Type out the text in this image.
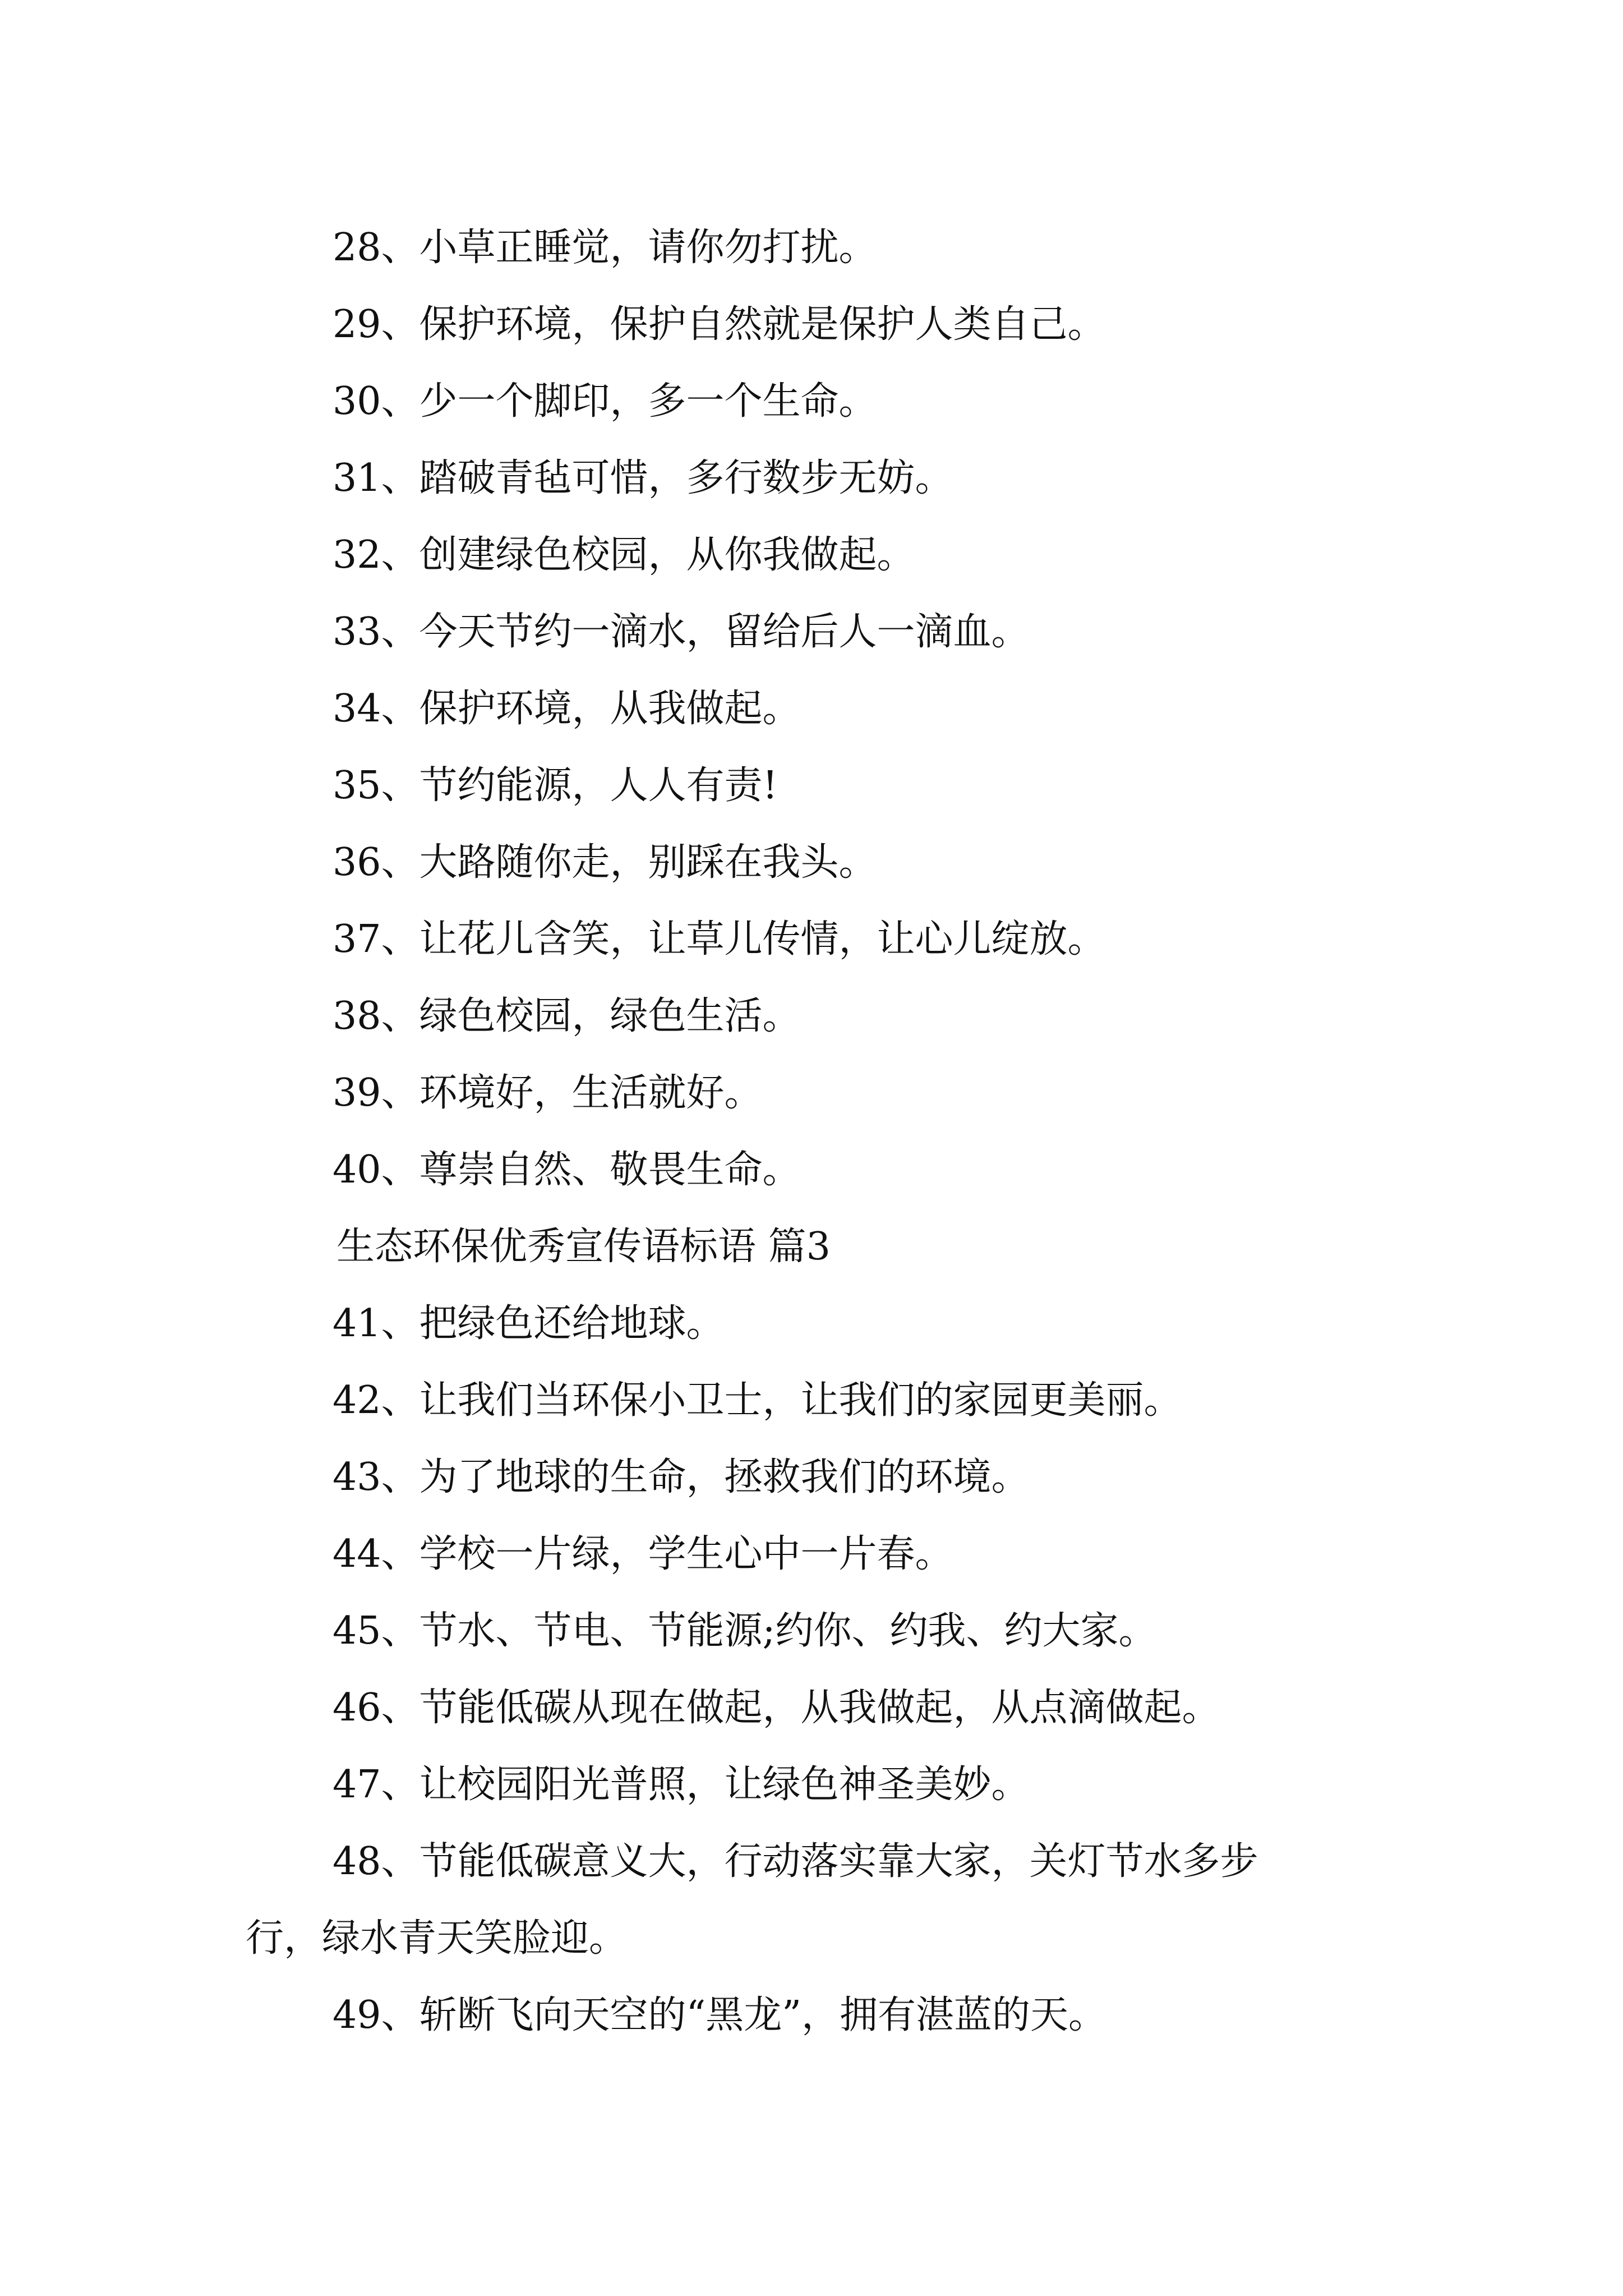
28、小草正睡觉，请你勿打扰。
29、保护环境，保护自然就是保护人类自己。
30、少一个脚印，多一个生命。
31、踏破青毡可惜，多行数步无妨。
32、创建绿色校园，从你我做起。
33、今天节约一滴水，留给后人一滴血。
34、保护环境，从我做起。
35、节约能源，人人有责!
36、大路随你走，别踩在我头。
37、让花儿含笑，让草儿传情，让心儿绽放。
38、绿色校园，绿色生活。
39、环境好，生活就好。
40、尊崇自然、敬畏生命。
生态环保优秀宣传语标语 篇3
41、把绿色还给地球。
42、让我们当环保小卫士，让我们的家园更美丽。
43、为了地球的生命，拯救我们的环境。
44、学校一片绿，学生心中一片春。
45、节水、节电、节能源;约你、约我、约大家。
46、节能低碳从现在做起，从我做起，从点滴做起。
47、让校园阳光普照，让绿色神圣美妙。
48、节能低碳意义大，行动落实靠大家，关灯节水多步
行，绿水青天笑脸迎。
49、斩断飞向天空的“黑龙”，拥有湛蓝的天。
